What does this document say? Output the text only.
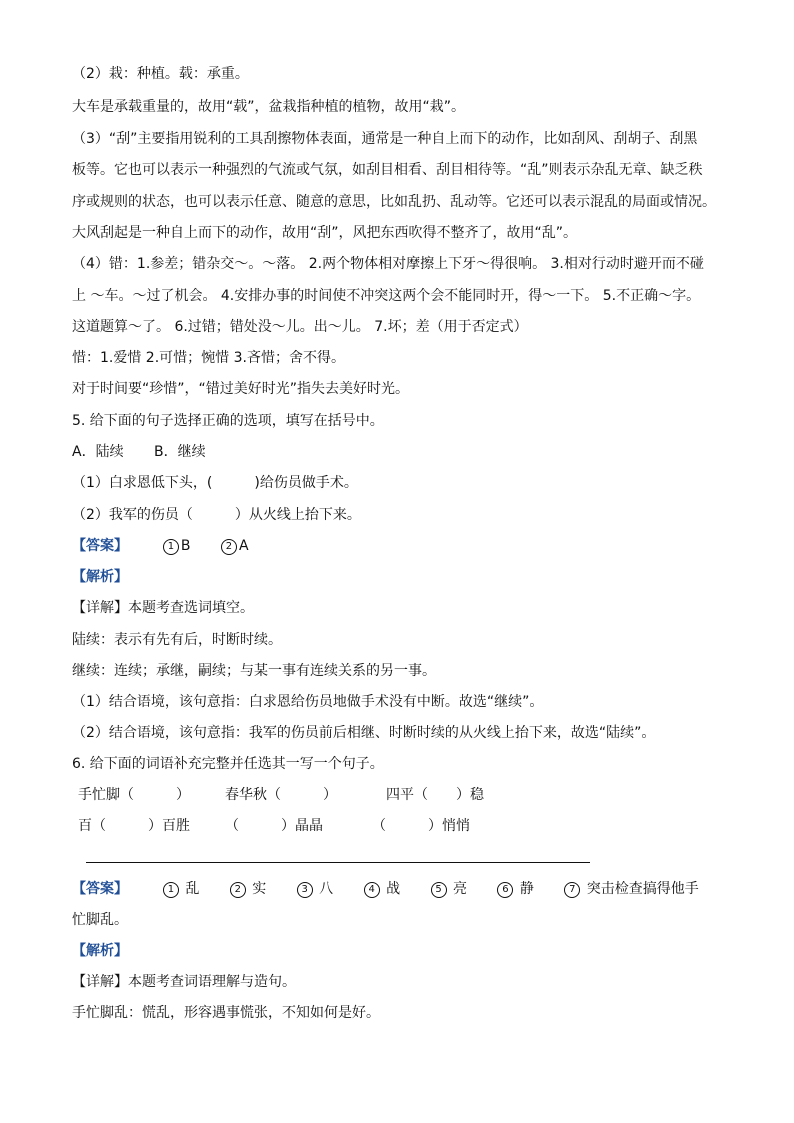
（2）栽：种植。载：承重。
大车是承载重量的，故用“载”，盆栽指种植的植物，故用“栽”。
（3）“刮”主要指用锐利的工具刮擦物体表面，通常是一种自上而下的动作，比如刮风、刮胡子、刮黑
板等。它也可以表示一种强烈的气流或气氛，如刮目相看、刮目相待等。“乱”则表示杂乱无章、缺乏秩
序或规则的状态，也可以表示任意、随意的意思，比如乱扔、乱动等。它还可以表示混乱的局面或情况。
大风刮起是一种自上而下的动作，故用“刮”，风把东西吹得不整齐了，故用“乱”。
（4）错：1.参差；错杂交～。～落。 2.两个物体相对摩擦上下牙～得很响。 3.相对行动时避开而不碰
上 ～车。～过了机会。 4.安排办事的时间使不冲突这两个会不能同时开，得～一下。 5.不正确～字。
这道题算～了。 6.过错；错处没～儿。出～儿。 7.坏；差（用于否定式）
惜：1.爱惜 2.可惜；惋惜 3.吝惜；舍不得。
对于时间要“珍惜”，“错过美好时光”指失去美好时光。
5. 给下面的句子选择正确的选项，填写在括号中。
A．陆续 B．继续
（1）白求恩低下头，(　　　)给伤员做手术。
（2）我军的伤员（　　　）从火线上抬下来。
【答案】	1 B	2 A
【解析】
【详解】本题考查选词填空。
陆续：表示有先有后，时断时续。
继续：连续；承继，嗣续；与某一事有连续关系的另一事。
（1）结合语境，该句意指：白求恩给伤员地做手术没有中断。故选“继续”。
（2）结合语境，该句意指：我军的伤员前后相继、时断时续的从火线上抬下来，故选“陆续”。
6. 给下面的词语补充完整并任选其一写一个句子。
手忙脚（　　　）　　　春华秋（　　　）　　　　四平（　　）稳
百（　　　）百胜　　　（　　　）晶晶　　　　（　　　）悄悄
【答案】	1 乱	2 实	3 八	4 战	5 亮	6 静	7 突击检查搞得他手
忙脚乱。
【解析】
【详解】本题考查词语理解与造句。
手忙脚乱：慌乱，形容遇事慌张，不知如何是好。
